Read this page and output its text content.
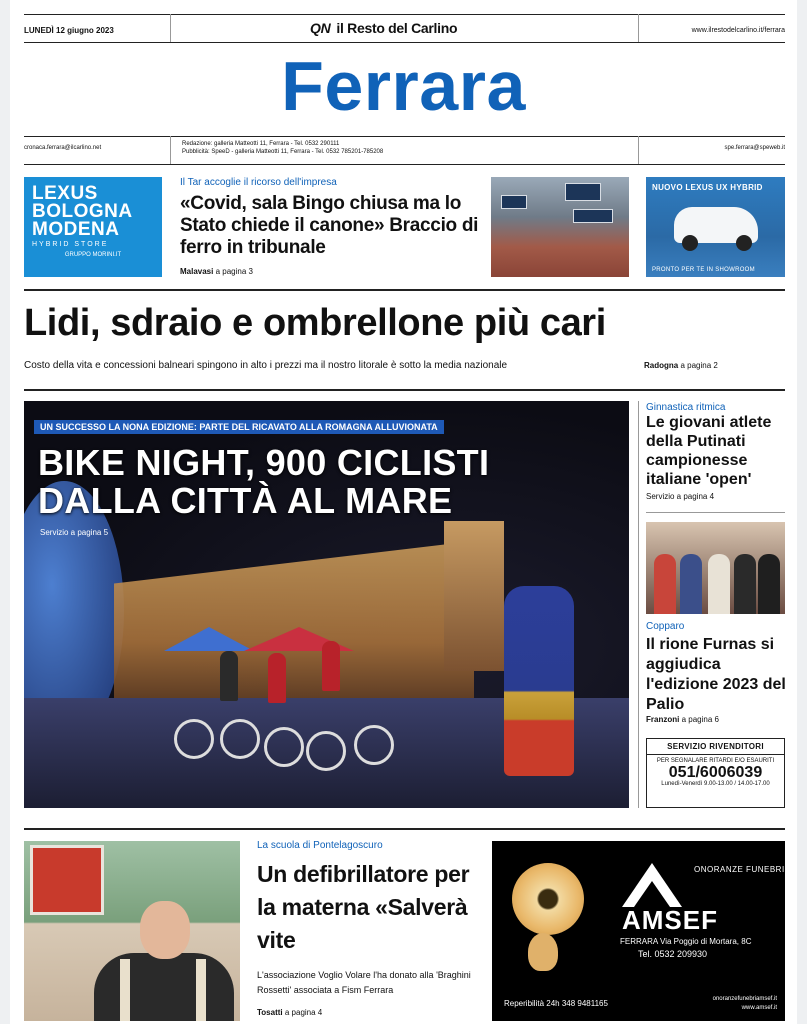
LUNEDÌ 12 giugno 2023	QN il Resto del Carlino	www.ilrestodelcarlino.it/ferrara
Ferrara
cronaca.ferrara@ilcarlino.net
Redazione: galleria Matteotti 11, Ferrara - Tel. 0532 290111
Pubblicità: SpeeD - galleria Matteotti 11, Ferrara - Tel. 0532 785201-785208
spe.ferrara@speweb.it
LEXUS
BOLOGNA
MODENA
HYBRID STORE
GRUPPO MORINI.IT
Il Tar accoglie il ricorso dell'impresa
«Covid, sala Bingo chiusa ma lo Stato chiede il canone» Braccio di ferro in tribunale
Malavasi a pagina 3
NUOVO LEXUS UX HYBRID
PRONTO PER TE IN SHOWROOM
Lidi, sdraio e ombrellone più cari
Costo della vita e concessioni balneari spingono in alto i prezzi ma il nostro litorale è sotto la media nazionale	Radogna a pagina 2
UN SUCCESSO LA NONA EDIZIONE: PARTE DEL RICAVATO ALLA ROMAGNA ALLUVIONATA
BIKE NIGHT, 900 CICLISTI
DALLA CITTÀ AL MARE
Servizio a pagina 5
Ginnastica ritmica
Le giovani atlete della Putinati campionesse italiane 'open'
Servizio a pagina 4
Copparo
Il rione Furnas si aggiudica l'edizione 2023 del Palio
Franzoni a pagina 6
SERVIZIO RIVENDITORI
PER SEGNALARE RITARDI E/O ESAURITI
051/6006039
Lunedì-Venerdì 9.00-13.00 / 14.00-17.00
La scuola di Pontelagoscuro
Un defibrillatore per la materna «Salverà vite
L'associazione Voglio Volare l'ha donato alla 'Braghini Rossetti' associata a Fism Ferrara
Tosatti a pagina 4
ONORANZE FUNEBRI
AMSEF
FERRARA Via Poggio di Mortara, 8C
Tel. 0532 209930
Reperibilità 24h 348 9481165	onoranzefunebriamsef.it
www.amsef.it
